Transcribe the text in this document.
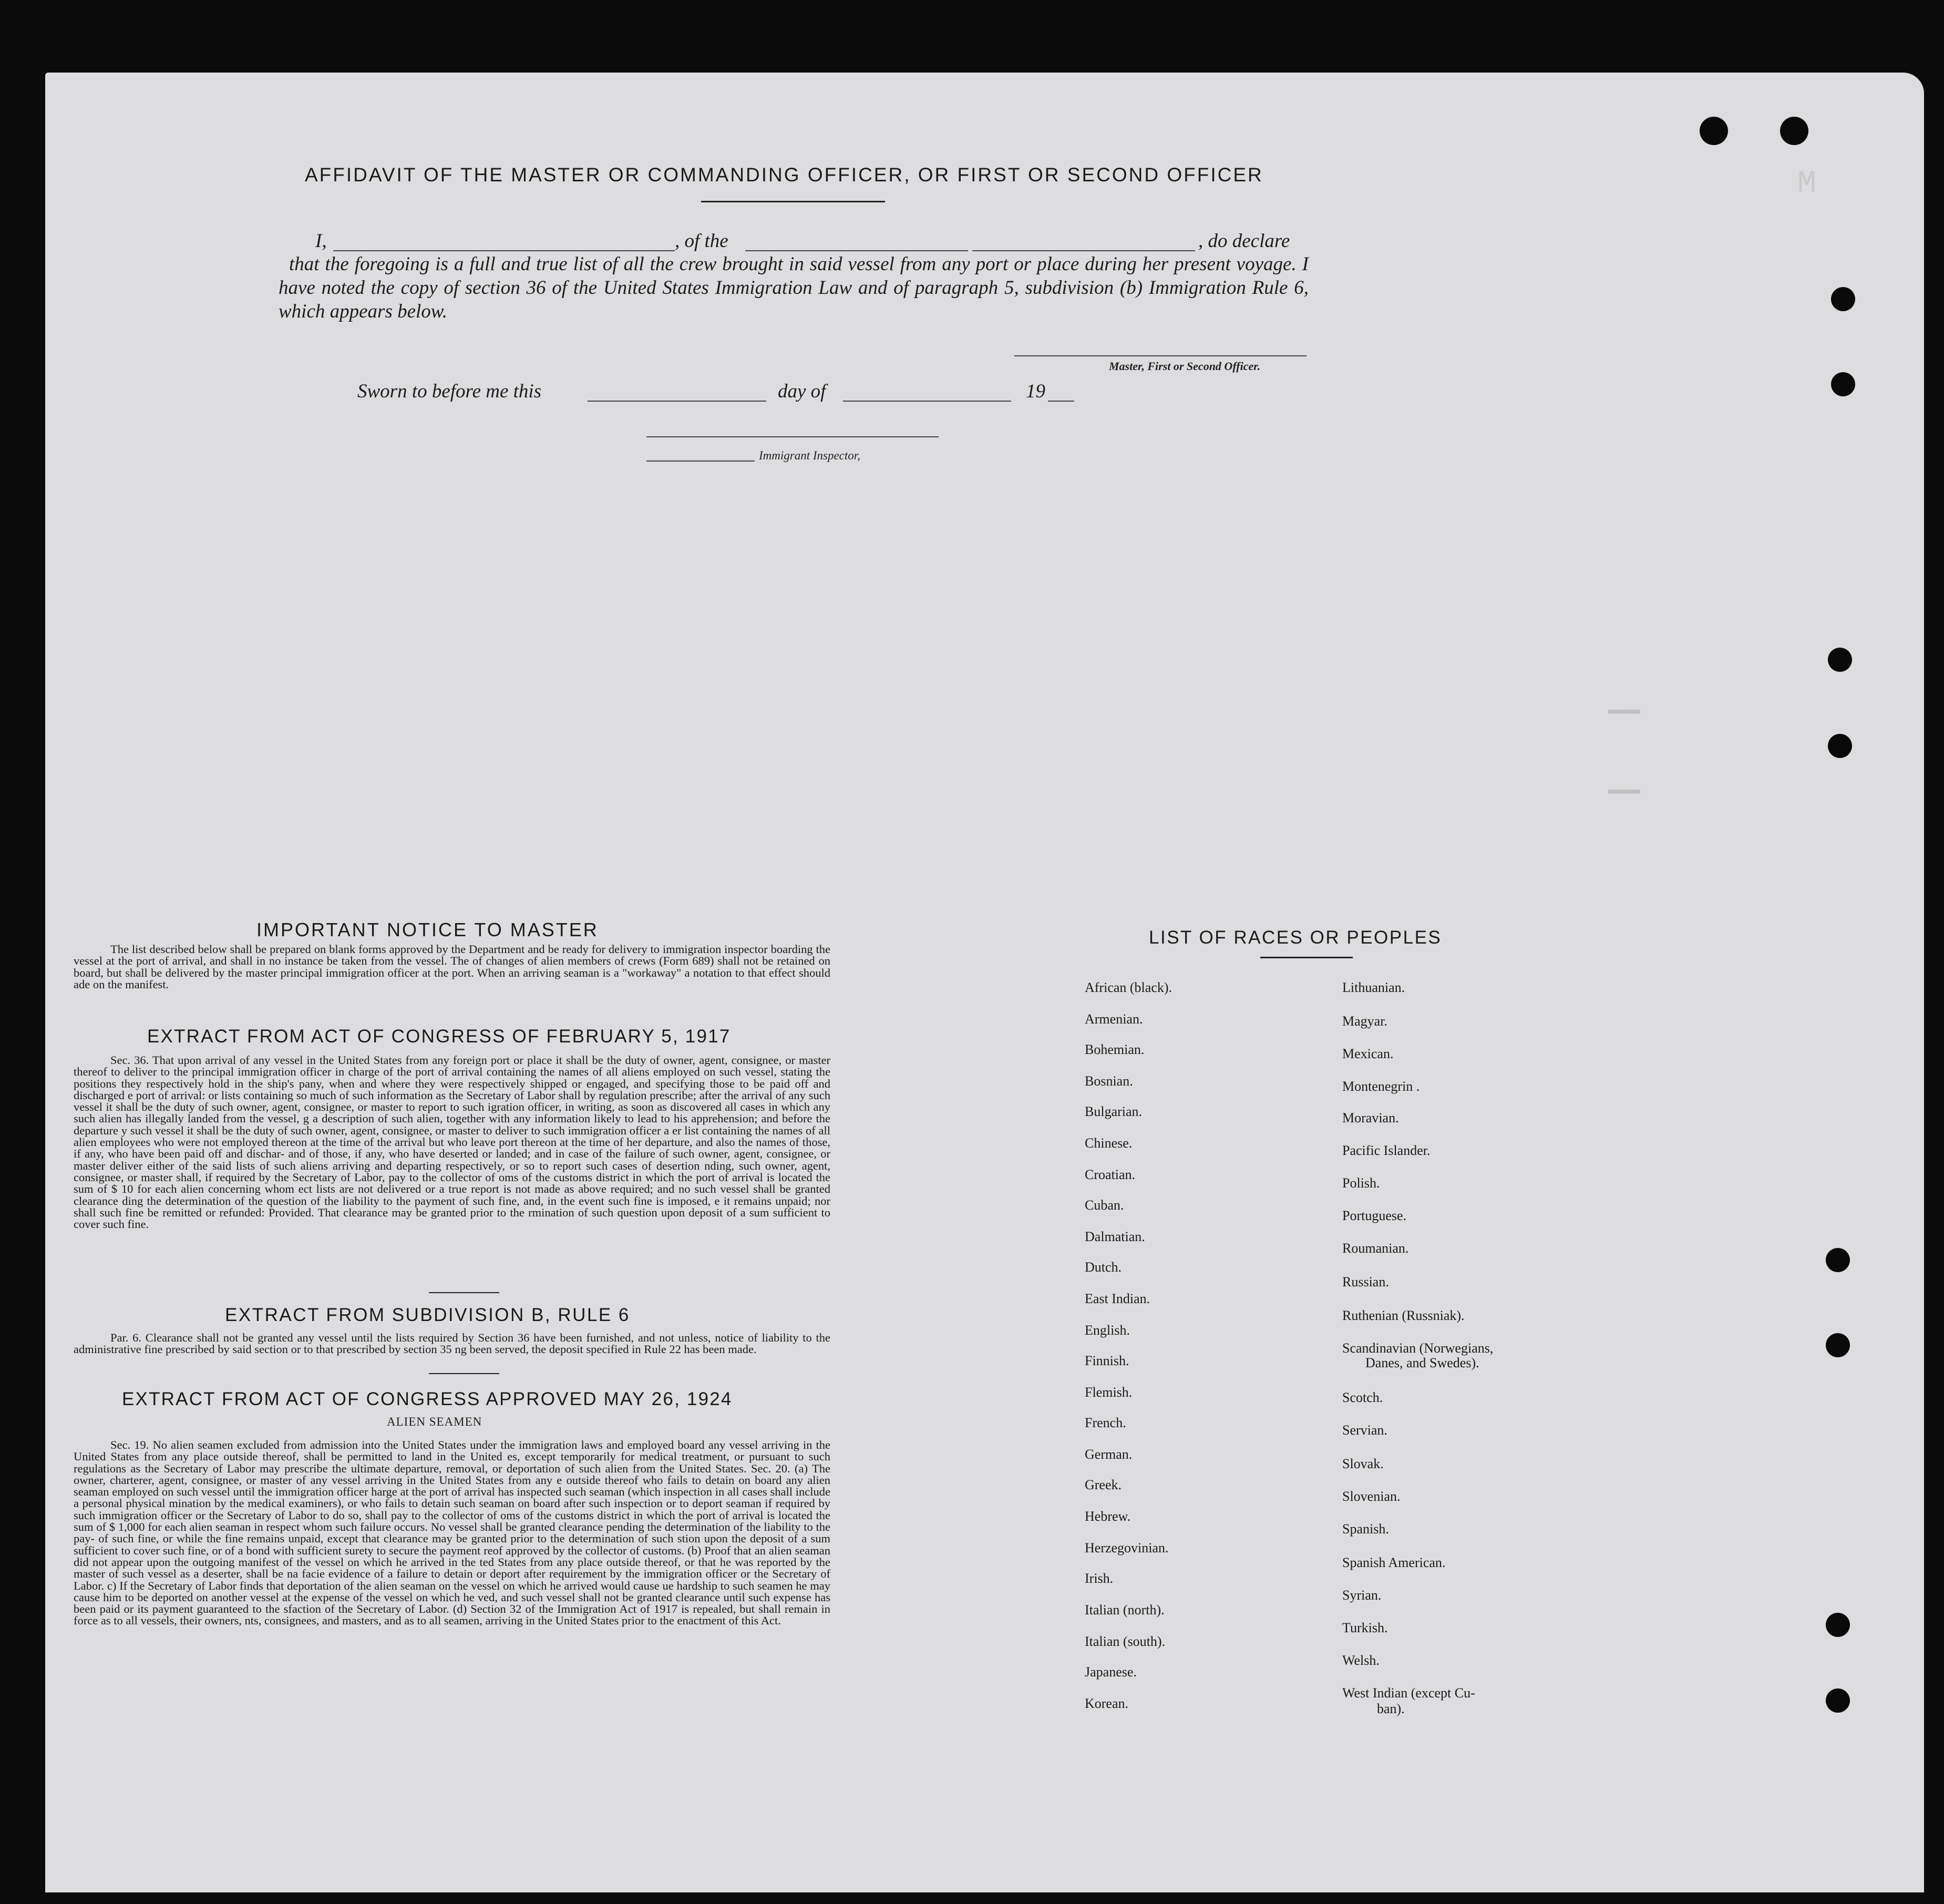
M
▬▬▬
▬▬▬
AFFIDAVIT OF THE MASTER OR COMMANDING OFFICER, OR FIRST OR SECOND OFFICER
I,	, of the	, do declare
that the foregoing is a full and true list of all the crew brought in said vessel from any port or place during her present voyage. I have noted the copy of section 36 of the United States Immigration Law and of paragraph 5, subdivision (b) Immigration Rule 6, which appears below.
Master, First or Second Officer.
Sworn to before me this	day of	19
Immigrant Inspector,
IMPORTANT NOTICE TO MASTER
The list described below shall be prepared on blank forms approved by the Department and be ready for delivery to immigration inspector boarding the vessel at the port of arrival, and shall in no instance be taken from the vessel. The of changes of alien members of crews (Form 689) shall not be retained on board, but shall be delivered by the master principal immigration officer at the port. When an arriving seaman is a "workaway" a notation to that effect should ade on the manifest.
EXTRACT FROM ACT OF CONGRESS OF FEBRUARY 5, 1917
Sec. 36. That upon arrival of any vessel in the United States from any foreign port or place it shall be the duty of owner, agent, consignee, or master thereof to deliver to the principal immigration officer in charge of the port of arrival containing the names of all aliens employed on such vessel, stating the positions they respectively hold in the ship's pany, when and where they were respectively shipped or engaged, and specifying those to be paid off and discharged e port of arrival: or lists containing so much of such information as the Secretary of Labor shall by regulation prescribe; after the arrival of any such vessel it shall be the duty of such owner, agent, consignee, or master to report to such igration officer, in writing, as soon as discovered all cases in which any such alien has illegally landed from the vessel, g a description of such alien, together with any information likely to lead to his apprehension; and before the departure y such vessel it shall be the duty of such owner, agent, consignee, or master to deliver to such immigration officer a er list containing the names of all alien employees who were not employed thereon at the time of the arrival but who leave port thereon at the time of her departure, and also the names of those, if any, who have been paid off and dischar- and of those, if any, who have deserted or landed; and in case of the failure of such owner, agent, consignee, or master deliver either of the said lists of such aliens arriving and departing respectively, or so to report such cases of desertion nding, such owner, agent, consignee, or master shall, if required by the Secretary of Labor, pay to the collector of oms of the customs district in which the port of arrival is located the sum of $ 10 for each alien concerning whom ect lists are not delivered or a true report is not made as above required; and no such vessel shall be granted clearance ding the determination of the question of the liability to the payment of such fine, and, in the event such fine is imposed, e it remains unpaid; nor shall such fine be remitted or refunded: Provided. That clearance may be granted prior to the rmination of such question upon deposit of a sum sufficient to cover such fine.
EXTRACT FROM SUBDIVISION B, RULE 6
Par. 6. Clearance shall not be granted any vessel until the lists required by Section 36 have been furnished, and not unless, notice of liability to the administrative fine prescribed by said section or to that prescribed by section 35 ng been served, the deposit specified in Rule 22 has been made.
EXTRACT FROM ACT OF CONGRESS APPROVED MAY 26, 1924
ALIEN SEAMEN
Sec. 19. No alien seamen excluded from admission into the United States under the immigration laws and employed board any vessel arriving in the United States from any place outside thereof, shall be permitted to land in the United es, except temporarily for medical treatment, or pursuant to such regulations as the Secretary of Labor may prescribe the ultimate departure, removal, or deportation of such alien from the United States. Sec. 20. (a) The owner, charterer, agent, consignee, or master of any vessel arriving in the United States from any e outside thereof who fails to detain on board any alien seaman employed on such vessel until the immigration officer harge at the port of arrival has inspected such seaman (which inspection in all cases shall include a personal physical mination by the medical examiners), or who fails to detain such seaman on board after such inspection or to deport seaman if required by such immigration officer or the Secretary of Labor to do so, shall pay to the collector of oms of the customs district in which the port of arrival is located the sum of $ 1,000 for each alien seaman in respect whom such failure occurs. No vessel shall be granted clearance pending the determination of the liability to the pay- of such fine, or while the fine remains unpaid, except that clearance may be granted prior to the determination of such stion upon the deposit of a sum sufficient to cover such fine, or of a bond with sufficient surety to secure the payment reof approved by the collector of customs. (b) Proof that an alien seaman did not appear upon the outgoing manifest of the vessel on which he arrived in the ted States from any place outside thereof, or that he was reported by the master of such vessel as a deserter, shall be na facie evidence of a failure to detain or deport after requirement by the immigration officer or the Secretary of Labor. c) If the Secretary of Labor finds that deportation of the alien seaman on the vessel on which he arrived would cause ue hardship to such seamen he may cause him to be deported on another vessel at the expense of the vessel on which he ved, and such vessel shall not be granted clearance until such expense has been paid or its payment guaranteed to the sfaction of the Secretary of Labor. (d) Section 32 of the Immigration Act of 1917 is repealed, but shall remain in force as to all vessels, their owners, nts, consignees, and masters, and as to all seamen, arriving in the United States prior to the enactment of this Act.
LIST OF RACES OR PEOPLES
African (black).
Armenian.
Bohemian.
Bosnian.
Bulgarian.
Chinese.
Croatian.
Cuban.
Dalmatian.
Dutch.
East Indian.
English.
Finnish.
Flemish.
French.
German.
Greek.
Hebrew.
Herzegovinian.
Irish.
Italian (north).
Italian (south).
Japanese.
Korean.
Lithuanian.
Magyar.
Mexican.
Montenegrin .
Moravian.
Pacific Islander.
Polish.
Portuguese.
Roumanian.
Russian.
Ruthenian (Russniak).
Scandinavian (Norwegians,
Danes, and Swedes).
Scotch.
Servian.
Slovak.
Slovenian.
Spanish.
Spanish American.
Syrian.
Turkish.
Welsh.
West Indian (except Cu-
ban).
